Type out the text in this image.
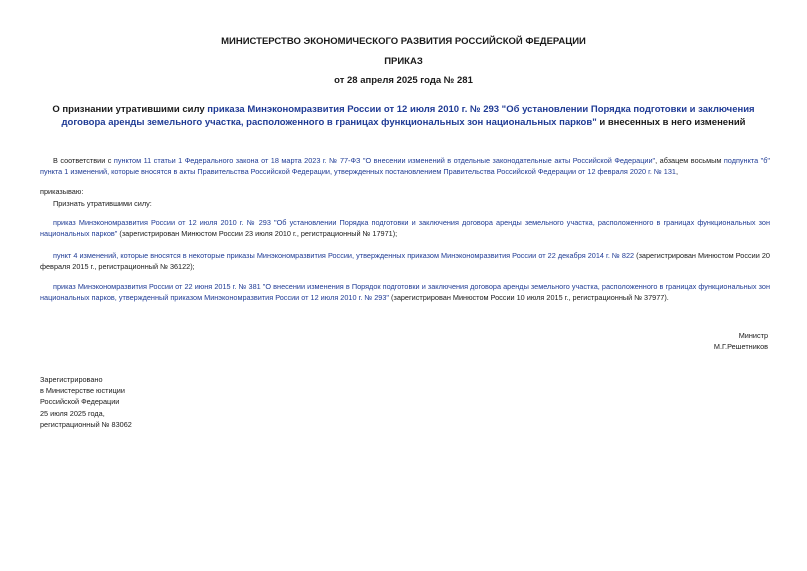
МИНИСТЕРСТВО ЭКОНОМИЧЕСКОГО РАЗВИТИЯ РОССИЙСКОЙ ФЕДЕРАЦИИ
ПРИКАЗ
от 28 апреля 2025 года № 281
О признании утратившими силу приказа Минэкономразвития России от 12 июля 2010 г. № 293 "Об установлении Порядка подготовки и заключения договора аренды земельного участка, расположенного в границах функциональных зон национальных парков" и внесенных в него изменений
В соответствии с пунктом 11 статьи 1 Федерального закона от 18 марта 2023 г. № 77-ФЗ "О внесении изменений в отдельные законодательные акты Российской Федерации", абзацем восьмым подпункта "б" пункта 1 изменений, которые вносятся в акты Правительства Российской Федерации, утвержденных постановлением Правительства Российской Федерации от 12 февраля 2020 г. № 131,
приказываю:
Признать утратившими силу:
приказ Минэкономразвития России от 12 июля 2010 г. № 293 "Об установлении Порядка подготовки и заключения договора аренды земельного участка, расположенного в границах функциональных зон национальных парков" (зарегистрирован Минюстом России 23 июля 2010 г., регистрационный № 17971);
пункт 4 изменений, которые вносятся в некоторые приказы Минэкономразвития России, утвержденных приказом Минэкономразвития России от 22 декабря 2014 г. № 822 (зарегистрирован Минюстом России 20 февраля 2015 г., регистрационный № 36122);
приказ Минэкономразвития России от 22 июня 2015 г. № 381 "О внесении изменения в Порядок подготовки и заключения договора аренды земельного участка, расположенного в границах функциональных зон национальных парков, утвержденный приказом Минэкономразвития России от 12 июля 2010 г. № 293" (зарегистрирован Минюстом России 10 июля 2015 г., регистрационный № 37977).
Министр
М.Г.Решетников
Зарегистрировано
в Министерстве юстиции
Российской Федерации
25 июля 2025 года,
регистрационный № 83062
